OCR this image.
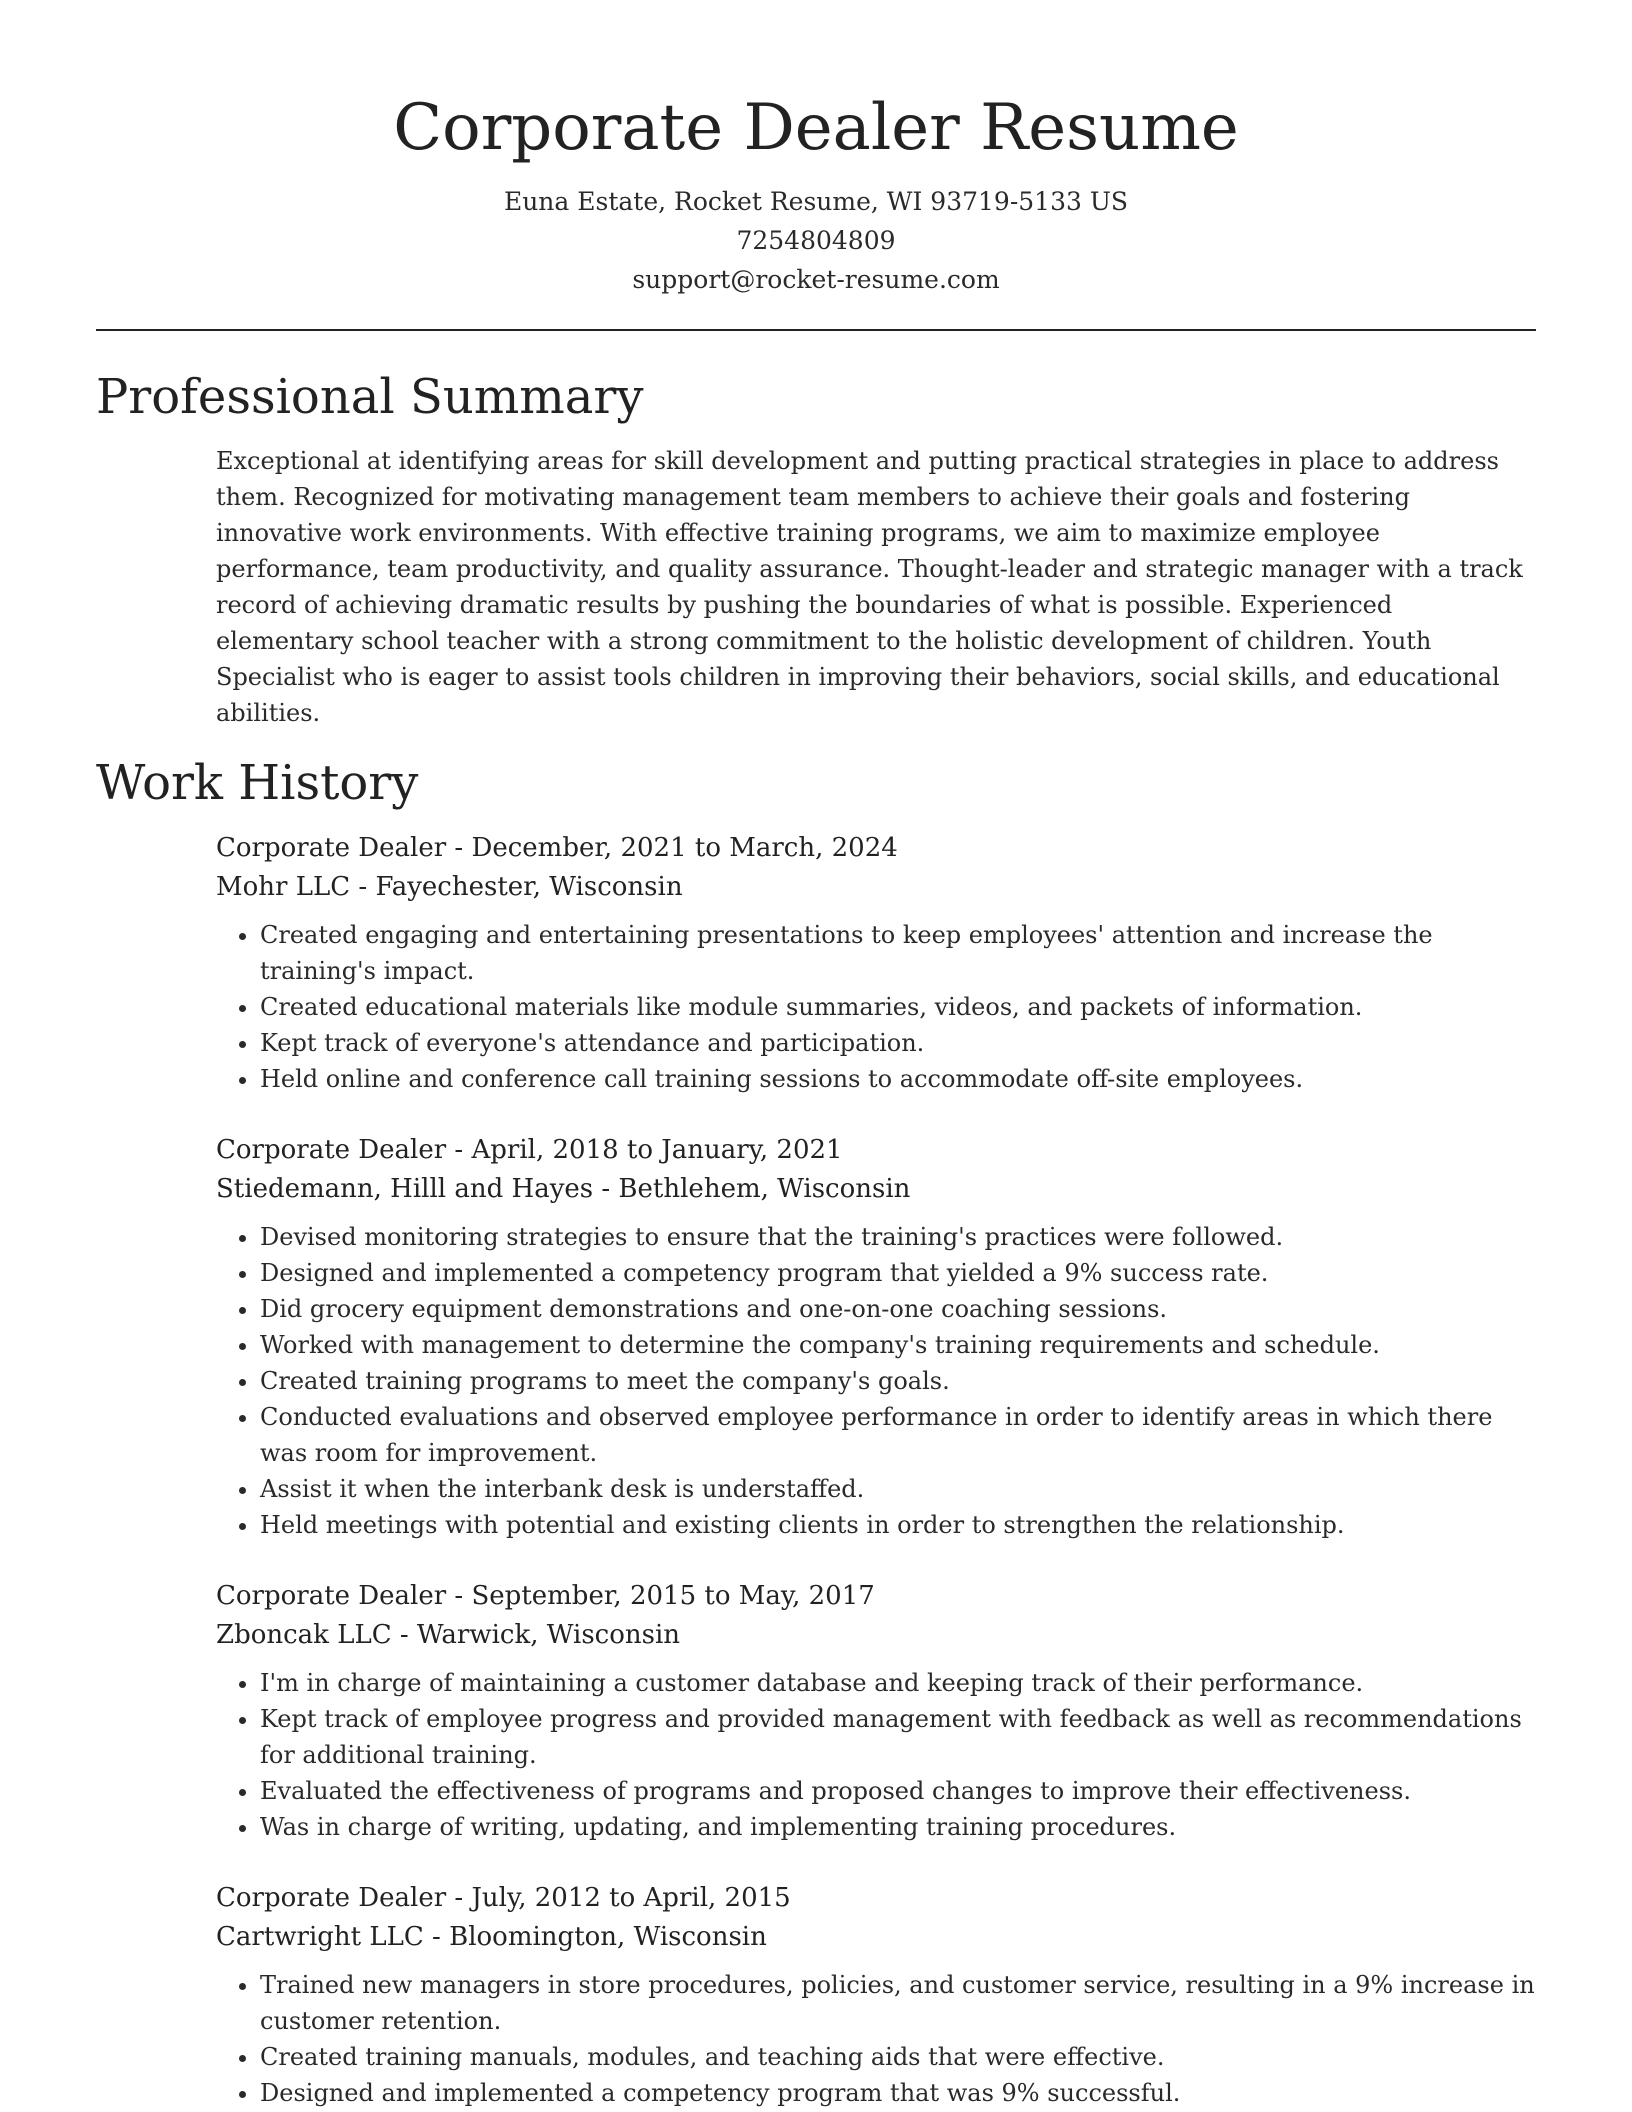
Corporate Dealer Resume
Euna Estate, Rocket Resume, WI 93719-5133 US
7254804809
support@rocket-resume.com
Professional Summary

Exceptional at identifying areas for skill development and putting practical strategies in place to address them. Recognized for motivating management team members to achieve their goals and fostering innovative work environments. With effective training programs, we aim to maximize employee performance, team productivity, and quality assurance. Thought-leader and strategic manager with a track record of achieving dramatic results by pushing the boundaries of what is possible. Experienced elementary school teacher with a strong commitment to the holistic development of children. Youth Specialist who is eager to assist tools children in improving their behaviors, social skills, and educational abilities.

Work History
Corporate Dealer - December, 2021 to March, 2024
Mohr LLC - Fayechester, Wisconsin
• Created engaging and entertaining presentations to keep employees' attention and increase the training's impact.
• Created educational materials like module summaries, videos, and packets of information.
• Kept track of everyone's attendance and participation.
• Held online and conference call training sessions to accommodate off-site employees.
Corporate Dealer - April, 2018 to January, 2021
Stiedemann, Hilll and Hayes - Bethlehem, Wisconsin
• Devised monitoring strategies to ensure that the training's practices were followed.
• Designed and implemented a competency program that yielded a 9% success rate.
• Did grocery equipment demonstrations and one-on-one coaching sessions.
• Worked with management to determine the company's training requirements and schedule.
• Created training programs to meet the company's goals.
• Conducted evaluations and observed employee performance in order to identify areas in which there was room for improvement.
• Assist it when the interbank desk is understaffed.
• Held meetings with potential and existing clients in order to strengthen the relationship.
Corporate Dealer - September, 2015 to May, 2017
Zboncak LLC - Warwick, Wisconsin
• I'm in charge of maintaining a customer database and keeping track of their performance.
• Kept track of employee progress and provided management with feedback as well as recommendations for additional training.
• Evaluated the effectiveness of programs and proposed changes to improve their effectiveness.
• Was in charge of writing, updating, and implementing training procedures.
Corporate Dealer - July, 2012 to April, 2015
Cartwright LLC - Bloomington, Wisconsin
• Trained new managers in store procedures, policies, and customer service, resulting in a 9% increase in customer retention.
• Created training manuals, modules, and teaching aids that were effective.
• Designed and implemented a competency program that was 9% successful.
